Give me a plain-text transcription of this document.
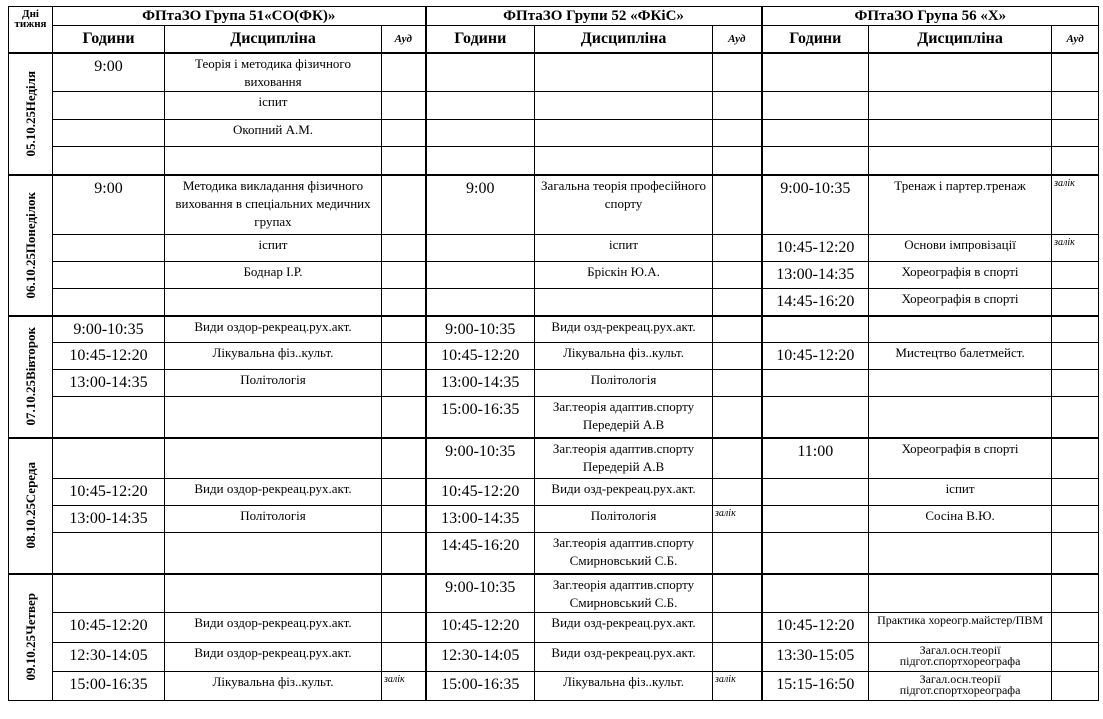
Дні тижня	ФПтаЗО Група 51«СО(ФК)»			ФПтаЗО Групи 52 «ФКіС»			ФПтаЗО Група 56 «Х»		
	Години	Дисципліна	Ауд	Години	Дисципліна	Ауд	Години	Дисципліна	Ауд

Неділя
05.10.25	9:00	Теорія і методика фізичного виховання							
		іспит							
		Окопний А.М.							

Понеділок
06.10.25	9:00	Методика викладання фізичного виховання в спеціальних медичних групах		9:00	Загальна теорія професійного спорту		9:00-10:35	Тренаж і партер.тренаж	залік
		іспит			іспит		10:45-12:20	Основи імпровізації	залік
		Боднар І.Р.			Бріскін Ю.А.		13:00-14:35	Хореографія в спорті	
							14:45-16:20	Хореографія в спорті	

Вівторок
07.10.25	9:00-10:35	Види оздор-рекреац.рух.акт.		9:00-10:35	Види озд-рекреац.рух.акт.				
	10:45-12:20	Лікувальна фіз..культ.		10:45-12:20	Лікувальна фіз..культ.		10:45-12:20	Мистецтво балетмейст.	
	13:00-14:35	Політологія		13:00-14:35	Політологія				
				15:00-16:35	Заг.теорія адаптив.спорту Передерій А.В				

Середа
08.10.25				9:00-10:35	Заг.теорія адаптив.спорту Передерій А.В		11:00	Хореографія в спорті	
	10:45-12:20	Види оздор-рекреац.рух.акт.		10:45-12:20	Види озд-рекреац.рух.акт.			іспит	
	13:00-14:35	Політологія		13:00-14:35	Політологія	залік		Сосіна В.Ю.	
				14:45-16:20	Заг.теорія адаптив.спорту Смирновський С.Б.				

Четвер
09.10.25				9:00-10:35	Заг.теорія адаптив.спорту Смирновський С.Б.				
	10:45-12:20	Види оздор-рекреац.рух.акт.		10:45-12:20	Види озд-рекреац.рух.акт.		10:45-12:20	Практика хореогр.майстер/ПВМ	
	12:30-14:05	Види оздор-рекреац.рух.акт.		12:30-14:05	Види озд-рекреац.рух.акт.		13:30-15:05	Загал.осн.теорії підгот.спортхореографа	
	15:00-16:35	Лікувальна фіз..культ.	залік	15:00-16:35	Лікувальна фіз..культ.	залік	15:15-16:50	Загал.осн.теорії підгот.спортхореографа	
